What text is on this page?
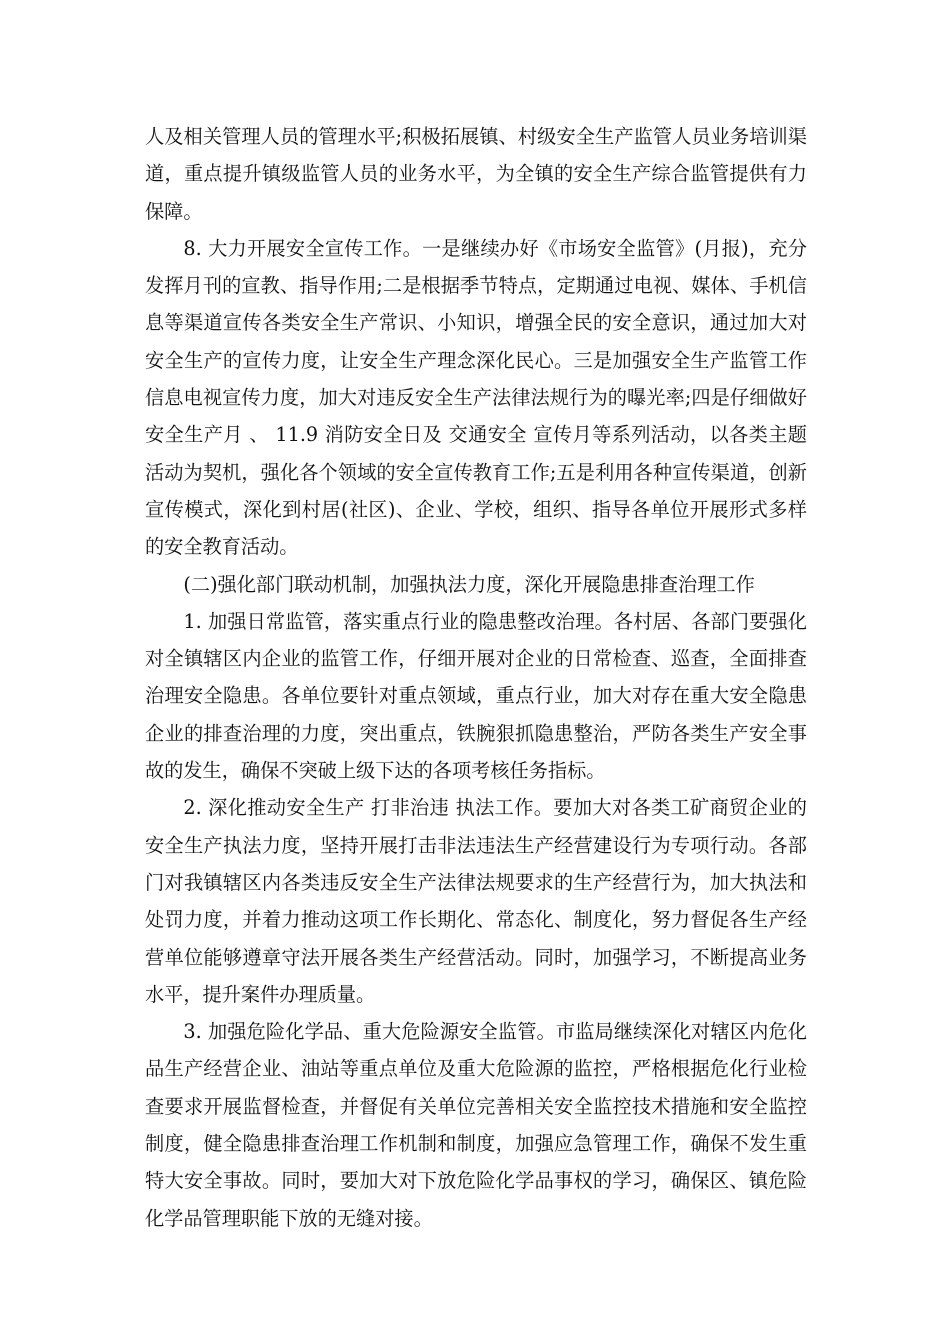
人及相关管理人员的管理水平;积极拓展镇、村级安全生产监管人员业务培训渠道，重点提升镇级监管人员的业务水平，为全镇的安全生产综合监管提供有力保障。

8. 大力开展安全宣传工作。一是继续办好《市场安全监管》(月报)，充分发挥月刊的宣教、指导作用;二是根据季节特点，定期通过电视、媒体、手机信息等渠道宣传各类安全生产常识、小知识，增强全民的安全意识，通过加大对安全生产的宣传力度，让安全生产理念深化民心。三是加强安全生产监管工作信息电视宣传力度，加大对违反安全生产法律法规行为的曝光率;四是仔细做好 安全生产月 、 11.9 消防安全日及 交通安全 宣传月等系列活动，以各类主题活动为契机，强化各个领域的安全宣传教育工作;五是利用各种宣传渠道，创新宣传模式，深化到村居(社区)、企业、学校，组织、指导各单位开展形式多样的安全教育活动。

(二)强化部门联动机制，加强执法力度，深化开展隐患排查治理工作

1. 加强日常监管，落实重点行业的隐患整改治理。各村居、各部门要强化对全镇辖区内企业的监管工作，仔细开展对企业的日常检查、巡查，全面排查治理安全隐患。各单位要针对重点领域，重点行业，加大对存在重大安全隐患企业的排查治理的力度，突出重点，铁腕狠抓隐患整治，严防各类生产安全事故的发生，确保不突破上级下达的各项考核任务指标。

2. 深化推动安全生产 打非治违 执法工作。要加大对各类工矿商贸企业的安全生产执法力度，坚持开展打击非法违法生产经营建设行为专项行动。各部门对我镇辖区内各类违反安全生产法律法规要求的生产经营行为，加大执法和处罚力度，并着力推动这项工作长期化、常态化、制度化，努力督促各生产经营单位能够遵章守法开展各类生产经营活动。同时，加强学习，不断提高业务水平，提升案件办理质量。

3. 加强危险化学品、重大危险源安全监管。市监局继续深化对辖区内危化品生产经营企业、油站等重点单位及重大危险源的监控，严格根据危化行业检查要求开展监督检查，并督促有关单位完善相关安全监控技术措施和安全监控制度，健全隐患排查治理工作机制和制度，加强应急管理工作，确保不发生重特大安全事故。同时，要加大对下放危险化学品事权的学习，确保区、镇危险化学品管理职能下放的无缝对接。
